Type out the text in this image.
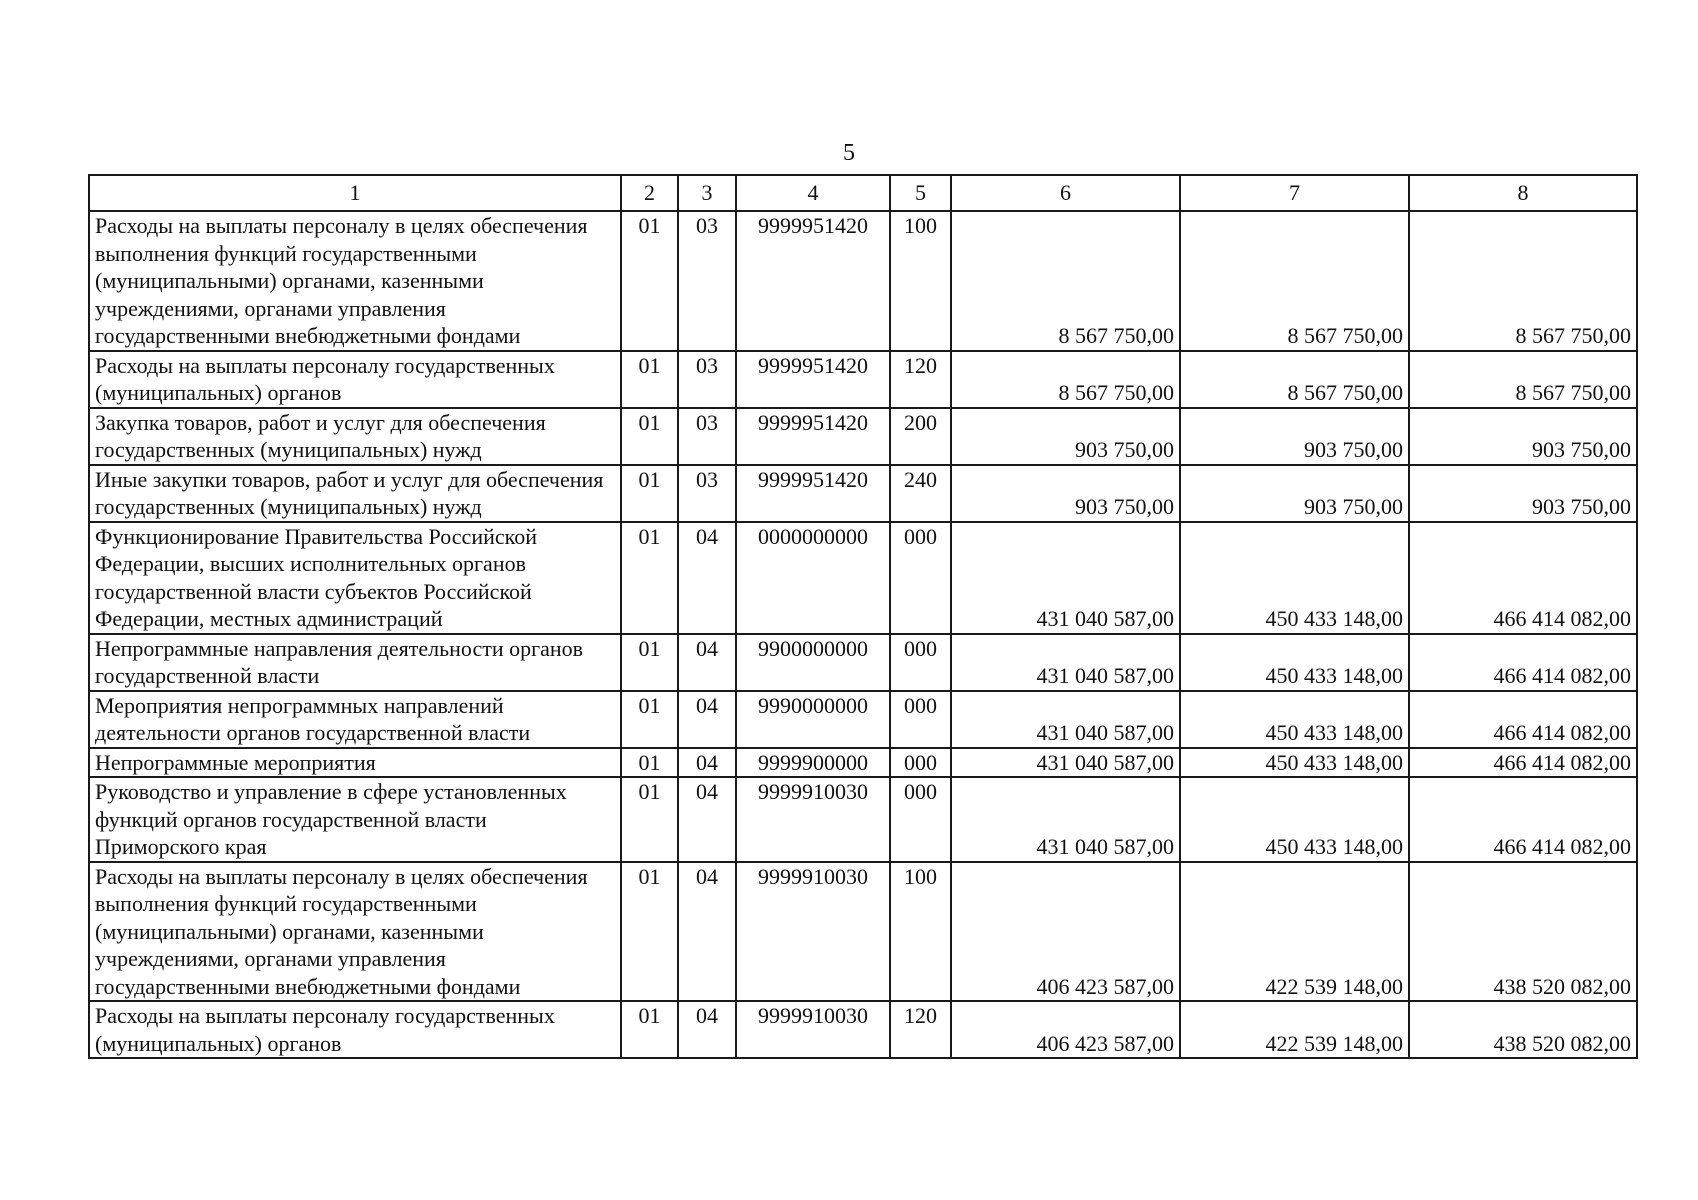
5
1	2	3	4	5	6	7	8
Расходы на выплаты персоналу в целях обеспечения выполнения функций государственными (муниципальными) органами, казенными учреждениями, органами управления государственными внебюджетными фондами	01	03	9999951420	100	8 567 750,00	8 567 750,00	8 567 750,00
Расходы на выплаты персоналу государственных (муниципальных) органов	01	03	9999951420	120	8 567 750,00	8 567 750,00	8 567 750,00
Закупка товаров, работ и услуг для обеспечения государственных (муниципальных) нужд	01	03	9999951420	200	903 750,00	903 750,00	903 750,00
Иные закупки товаров, работ и услуг для обеспечения государственных (муниципальных) нужд	01	03	9999951420	240	903 750,00	903 750,00	903 750,00
Функционирование Правительства Российской Федерации, высших исполнительных органов государственной власти субъектов Российской Федерации, местных администраций	01	04	0000000000	000	431 040 587,00	450 433 148,00	466 414 082,00
Непрограммные направления деятельности органов государственной власти	01	04	9900000000	000	431 040 587,00	450 433 148,00	466 414 082,00
Мероприятия непрограммных направлений деятельности органов государственной власти	01	04	9990000000	000	431 040 587,00	450 433 148,00	466 414 082,00
Непрограммные мероприятия	01	04	9999900000	000	431 040 587,00	450 433 148,00	466 414 082,00
Руководство и управление в сфере установленных функций органов государственной власти Приморского края	01	04	9999910030	000	431 040 587,00	450 433 148,00	466 414 082,00
Расходы на выплаты персоналу в целях обеспечения выполнения функций государственными (муниципальными) органами, казенными учреждениями, органами управления государственными внебюджетными фондами	01	04	9999910030	100	406 423 587,00	422 539 148,00	438 520 082,00
Расходы на выплаты персоналу государственных (муниципальных) органов	01	04	9999910030	120	406 423 587,00	422 539 148,00	438 520 082,00
